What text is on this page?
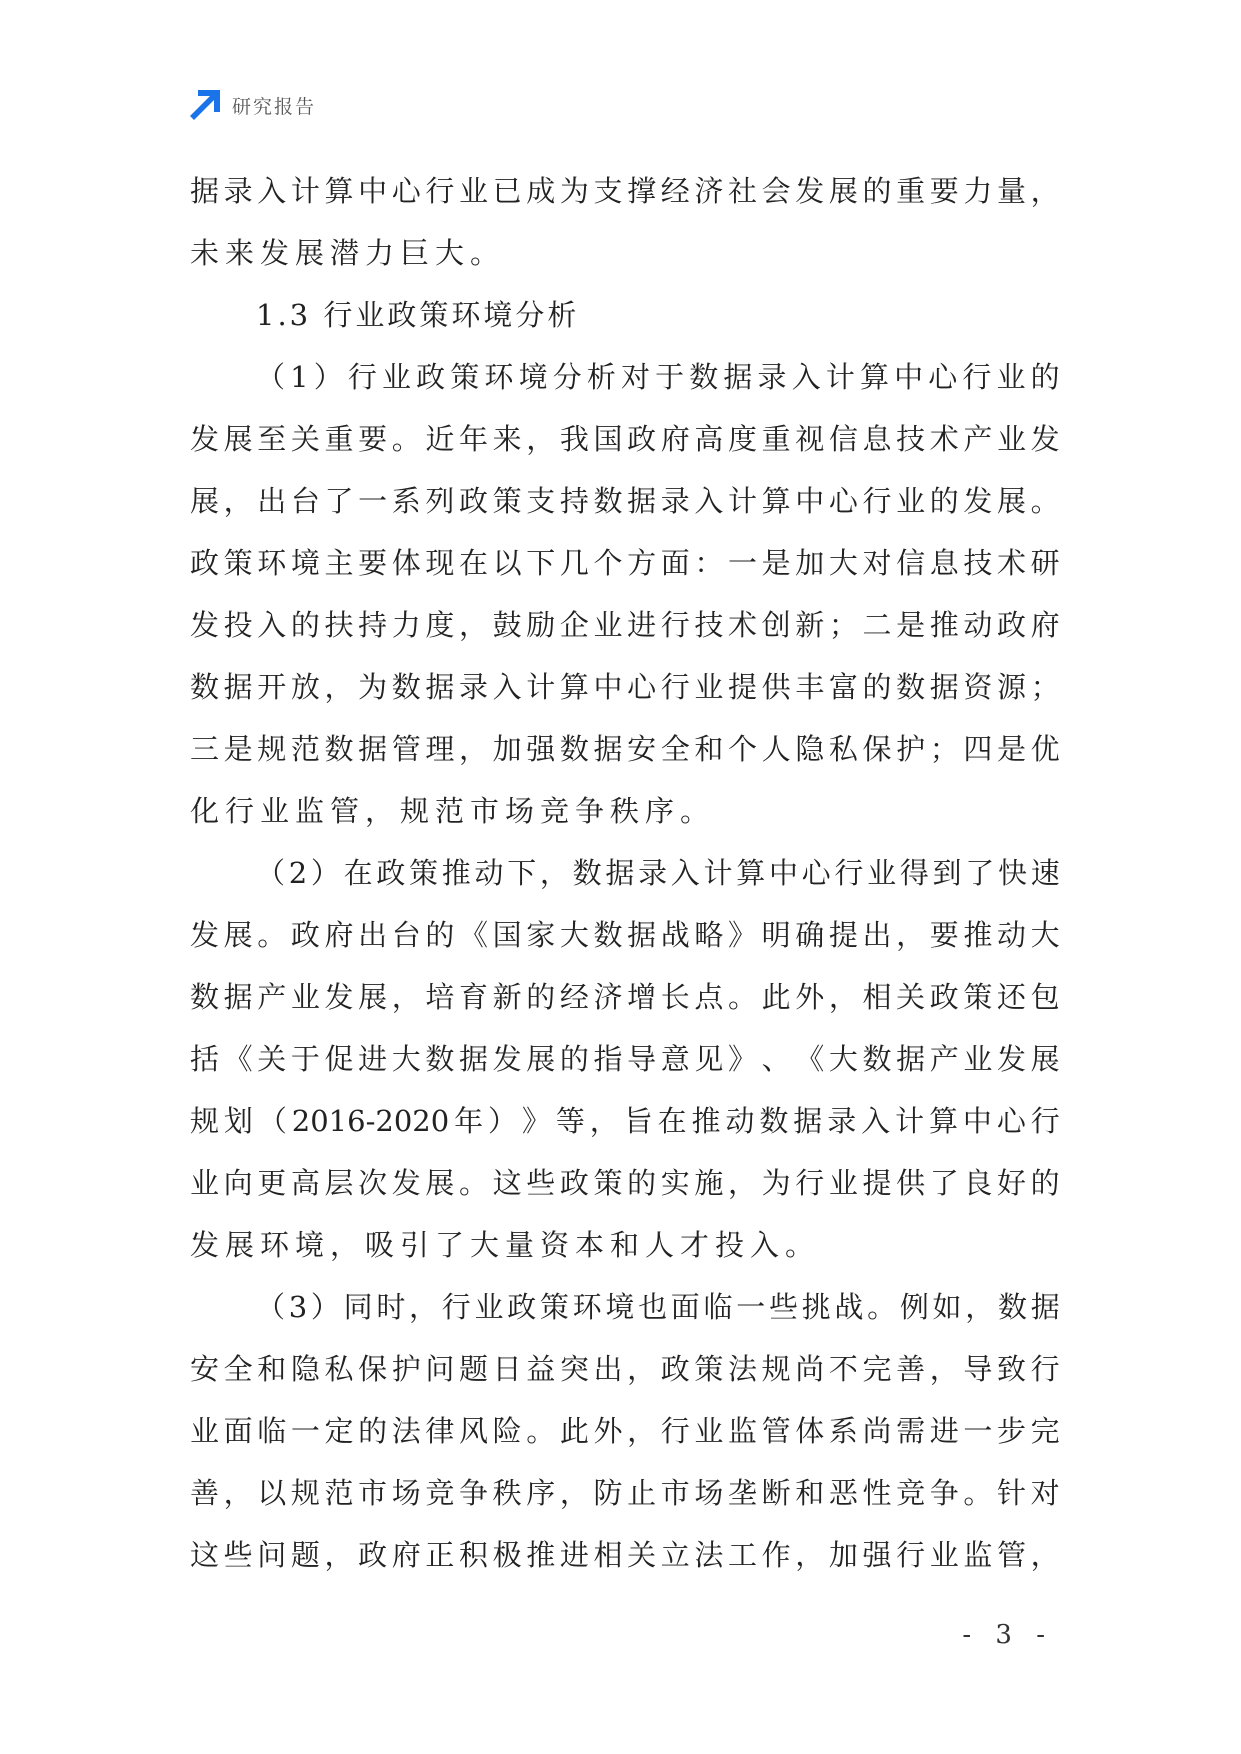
研究报告
据 录 入 计 算 中 心 行 业 已 成 为 支 撑 经 济 社 会 发 展 的 重 要 力 量 ，
未来发展潜力巨大。
1.3 行业政策环境分析
（ 1 ） 行 业 政 策 环 境 分 析 对 于 数 据 录 入 计 算 中 心 行 业 的
发 展 至 关 重 要 。 近 年 来 ， 我 国 政 府 高 度 重 视 信 息 技 术 产 业 发
展 ， 出 台 了 一 系 列 政 策 支 持 数 据 录 入 计 算 中 心 行 业 的 发 展 。
政 策 环 境 主 要 体 现 在 以 下 几 个 方 面 ： 一 是 加 大 对 信 息 技 术 研
发 投 入 的 扶 持 力 度 ， 鼓 励 企 业 进 行 技 术 创 新 ； 二 是 推 动 政 府
数 据 开 放 ， 为 数 据 录 入 计 算 中 心 行 业 提 供 丰 富 的 数 据 资 源 ；
三 是 规 范 数 据 管 理 ， 加 强 数 据 安 全 和 个 人 隐 私 保 护 ； 四 是 优
化行业监管，规范市场竞争秩序。
（ 2 ） 在 政 策 推 动 下 ， 数 据 录 入 计 算 中 心 行 业 得 到 了 快 速
发 展 。 政 府 出 台 的 《 国 家 大 数 据 战 略 》 明 确 提 出 ， 要 推 动 大
数 据 产 业 发 展 ， 培 育 新 的 经 济 增 长 点 。 此 外 ， 相 关 政 策 还 包
括 《 关 于 促 进 大 数 据 发 展 的 指 导 意 见 》 、 《 大 数 据 产 业 发 展
规 划 （ 2016-2020 年 ） 》 等 ， 旨 在 推 动 数 据 录 入 计 算 中 心 行
业 向 更 高 层 次 发 展 。 这 些 政 策 的 实 施 ， 为 行 业 提 供 了 良 好 的
发展环境，吸引了大量资本和人才投入。
（ 3 ） 同 时 ， 行 业 政 策 环 境 也 面 临 一 些 挑 战 。 例 如 ， 数 据
安 全 和 隐 私 保 护 问 题 日 益 突 出 ， 政 策 法 规 尚 不 完 善 ， 导 致 行
业 面 临 一 定 的 法 律 风 险 。 此 外 ， 行 业 监 管 体 系 尚 需 进 一 步 完
善 ， 以 规 范 市 场 竞 争 秩 序 ， 防 止 市 场 垄 断 和 恶 性 竞 争 。 针 对
这 些 问 题 ， 政 府 正 积 极 推 进 相 关 立 法 工 作 ， 加 强 行 业 监 管 ，
- 3 -
